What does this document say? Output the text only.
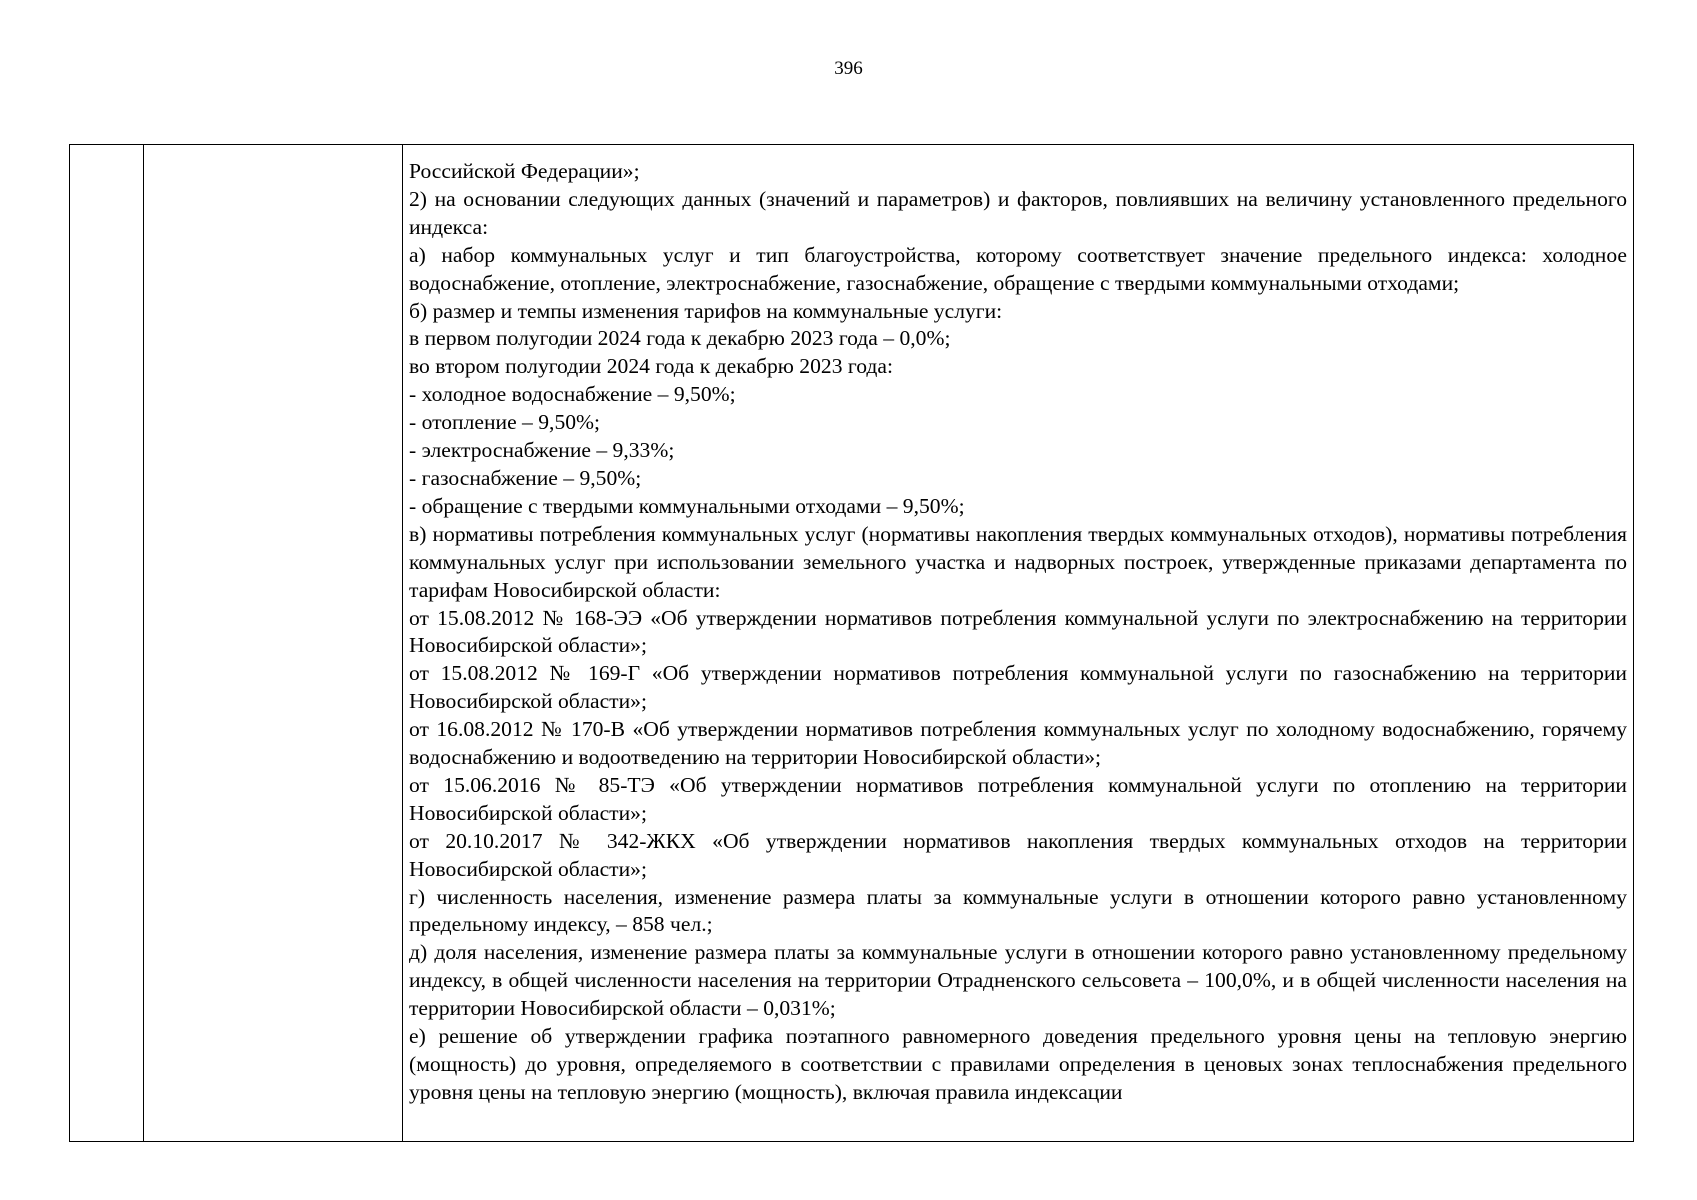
396

Российской Федерации»;

2) на основании следующих данных (значений и параметров) и факторов, повлиявших на величину установленного предельного индекса:

а) набор коммунальных услуг и тип благоустройства, которому соответствует значение предельного индекса: холодное водоснабжение, отопление, электроснабжение, газоснабжение, обращение с твердыми коммунальными отходами;

б) размер и темпы изменения тарифов на коммунальные услуги:

в первом полугодии 2024 года к декабрю 2023 года – 0,0%;

во втором полугодии 2024 года к декабрю 2023 года:

- холодное водоснабжение – 9,50%;

- отопление – 9,50%;

- электроснабжение – 9,33%;

- газоснабжение – 9,50%;

- обращение с твердыми коммунальными отходами – 9,50%;

в) нормативы потребления коммунальных услуг (нормативы накопления твердых коммунальных отходов), нормативы потребления коммунальных услуг при использовании земельного участка и надворных построек, утвержденные приказами департамента по тарифам Новосибирской области:

от 15.08.2012 № 168-ЭЭ «Об утверждении нормативов потребления коммунальной услуги по электроснабжению на территории Новосибирской области»;

от 15.08.2012 № 169-Г «Об утверждении нормативов потребления коммунальной услуги по газоснабжению на территории Новосибирской области»;

от 16.08.2012 № 170-В «Об утверждении нормативов потребления коммунальных услуг по холодному водоснабжению, горячему водоснабжению и водоотведению на территории Новосибирской области»;

от 15.06.2016 № 85-ТЭ «Об утверждении нормативов потребления коммунальной услуги по отоплению на территории Новосибирской области»;

от 20.10.2017 № 342-ЖКХ «Об утверждении нормативов накопления твердых коммунальных отходов на территории Новосибирской области»;

г) численность населения, изменение размера платы за коммунальные услуги в отношении которого равно установленному предельному индексу, – 858 чел.;

д) доля населения, изменение размера платы за коммунальные услуги в отношении которого равно установленному предельному индексу, в общей численности населения на территории Отрадненского сельсовета – 100,0%, и в общей численности населения на территории Новосибирской области – 0,031%;

е) решение об утверждении графика поэтапного равномерного доведения предельного уровня цены на тепловую энергию (мощность) до уровня, определяемого в соответствии с правилами определения в ценовых зонах теплоснабжения предельного уровня цены на тепловую энергию (мощность), включая правила индексации
